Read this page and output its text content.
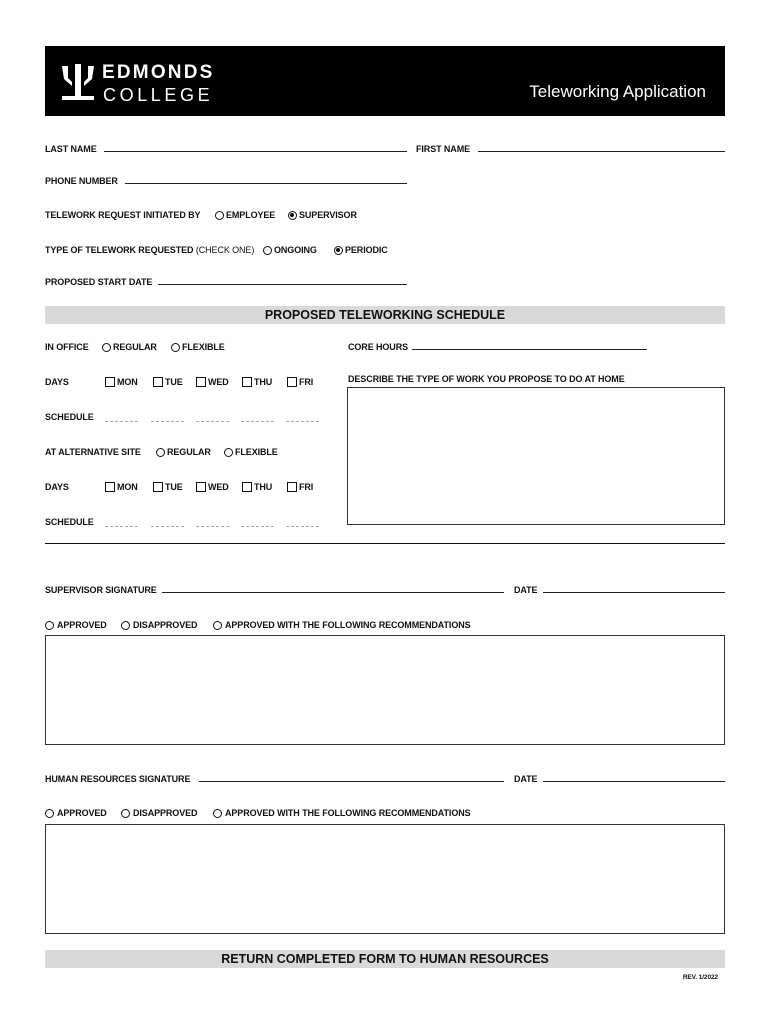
EDMONDS
COLLEGE	Teleworking Application
LAST NAME	FIRST NAME
PHONE NUMBER
TELEWORK REQUEST INITIATED BY	EMPLOYEE	SUPERVISOR
TYPE OF TELEWORK REQUESTED (CHECK ONE) ONGOING	PERIODIC
PROPOSED START DATE
PROPOSED TELEWORKING SCHEDULE
IN OFFICE	REGULAR	FLEXIBLE	CORE HOURS
DAYS	MON	TUE	WED	THU	FRI	DESCRIBE THE TYPE OF WORK YOU PROPOSE TO DO AT HOME
SCHEDULE
AT ALTERNATIVE SITE	REGULAR	FLEXIBLE
DAYS	MON	TUE	WED	THU	FRI
SCHEDULE
SUPERVISOR SIGNATURE	DATE
APPROVED	DISAPPROVED	APPROVED WITH THE FOLLOWING RECOMMENDATIONS
HUMAN RESOURCES SIGNATURE	DATE
APPROVED	DISAPPROVED	APPROVED WITH THE FOLLOWING RECOMMENDATIONS
RETURN COMPLETED FORM TO HUMAN RESOURCES
REV. 1/2022
